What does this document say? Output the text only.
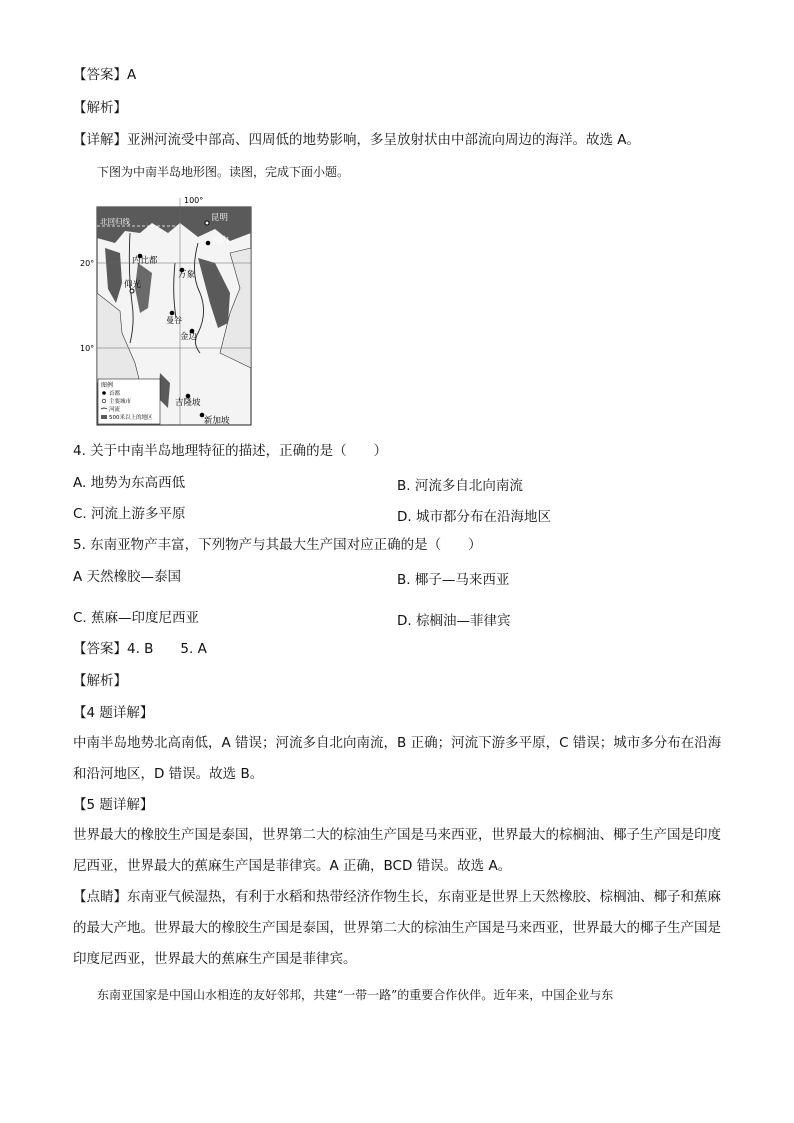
【答案】A
【解析】
【详解】亚洲河流受中部高、四周低的地势影响，多呈放射状由中部流向周边的海洋。故选 A。
下图为中南半岛地形图。读图，完成下面小题。
100°
20°
10°
北回归线	昆明
河内
内比都
仰光
万象
曼谷
金边
吉隆坡
新加坡
图例
首都
主要城市
河流
500米以上的地区
4. 关于中南半岛地理特征的描述，正确的是（　　）
A. 地势为东高西低	B. 河流多自北向南流
C. 河流上游多平原	D. 城市都分布在沿海地区
5. 东南亚物产丰富，下列物产与其最大生产国对应正确的是（　　）
A 天然橡胶—泰国	B. 椰子—马来西亚
C. 蕉麻—印度尼西亚	D. 棕榈油—菲律宾
【答案】4. B　　5. A
【解析】
【4 题详解】
中南半岛地势北高南低，A 错误；河流多自北向南流，B 正确；河流下游多平原，C 错误；城市多分布在沿海和沿河地区，D 错误。故选 B。
【5 题详解】
世界最大的橡胶生产国是泰国，世界第二大的棕油生产国是马来西亚，世界最大的棕榈油、椰子生产国是印度尼西亚，世界最大的蕉麻生产国是菲律宾。A 正确，BCD 错误。故选 A。
【点睛】东南亚气候湿热，有利于水稻和热带经济作物生长，东南亚是世界上天然橡胶、棕榈油、椰子和蕉麻的最大产地。世界最大的橡胶生产国是泰国，世界第二大的棕油生产国是马来西亚，世界最大的椰子生产国是印度尼西亚，世界最大的蕉麻生产国是菲律宾。
东南亚国家是中国山水相连的友好邻邦，共建“一带一路”的重要合作伙伴。近年来，中国企业与东
